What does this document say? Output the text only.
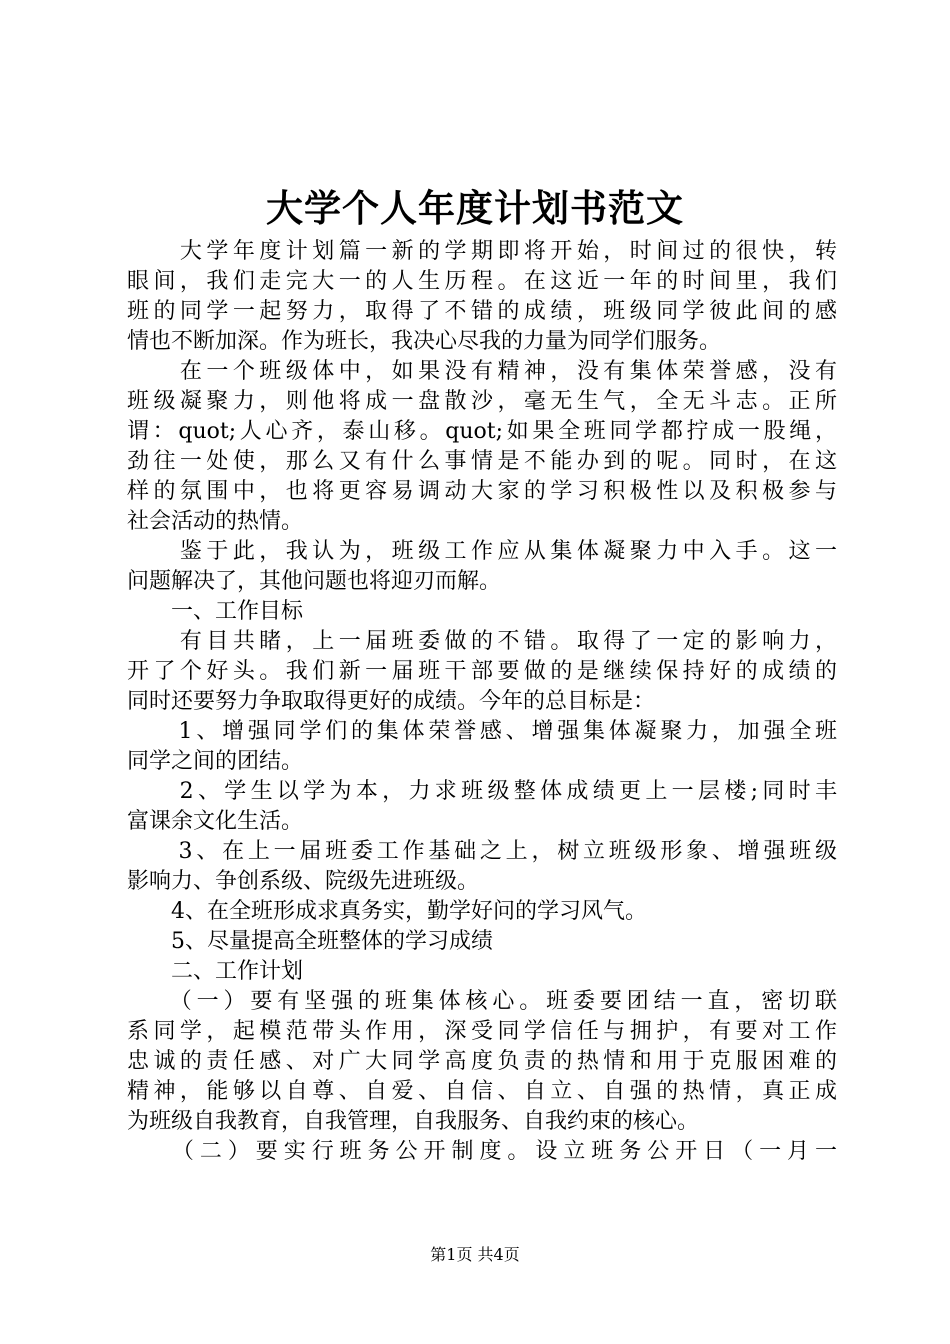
大学个人年度计划书范文
　　大学年度计划篇一新的学期即将开始，时间过的很快，转
眼间，我们走完大一的人生历程。在这近一年的时间里，我们
班的同学一起努力，取得了不错的成绩，班级同学彼此间的感
情也不断加深。作为班长，我决心尽我的力量为同学们服务。
　　在一个班级体中，如果没有精神，没有集体荣誉感，没有
班级凝聚力，则他将成一盘散沙，毫无生气，全无斗志。正所
谓：quot;人心齐，泰山移。quot;如果全班同学都拧成一股绳，
劲往一处使，那么又有什么事情是不能办到的呢。同时，在这
样的氛围中，也将更容易调动大家的学习积极性以及积极参与
社会活动的热情。
　　鉴于此，我认为，班级工作应从集体凝聚力中入手。这一
问题解决了，其他问题也将迎刃而解。
　　一、工作目标
　　有目共睹，上一届班委做的不错。取得了一定的影响力，
开了个好头。我们新一届班干部要做的是继续保持好的成绩的
同时还要努力争取取得更好的成绩。今年的总目标是：
　　1、增强同学们的集体荣誉感、增强集体凝聚力，加强全班
同学之间的团结。
　　2、学生以学为本，力求班级整体成绩更上一层楼;同时丰
富课余文化生活。
　　3、在上一届班委工作基础之上，树立班级形象、增强班级
影响力、争创系级、院级先进班级。
　　4、在全班形成求真务实，勤学好问的学习风气。
　　5、尽量提高全班整体的学习成绩
　　二、工作计划
　　（一）要有坚强的班集体核心。班委要团结一直，密切联
系同学，起模范带头作用，深受同学信任与拥护，有要对工作
忠诚的责任感、对广大同学高度负责的热情和用于克服困难的
精神，能够以自尊、自爱、自信、自立、自强的热情，真正成
为班级自我教育，自我管理，自我服务、自我约束的核心。
　　（二）要实行班务公开制度。设立班务公开日（一月一
第1页 共4页
